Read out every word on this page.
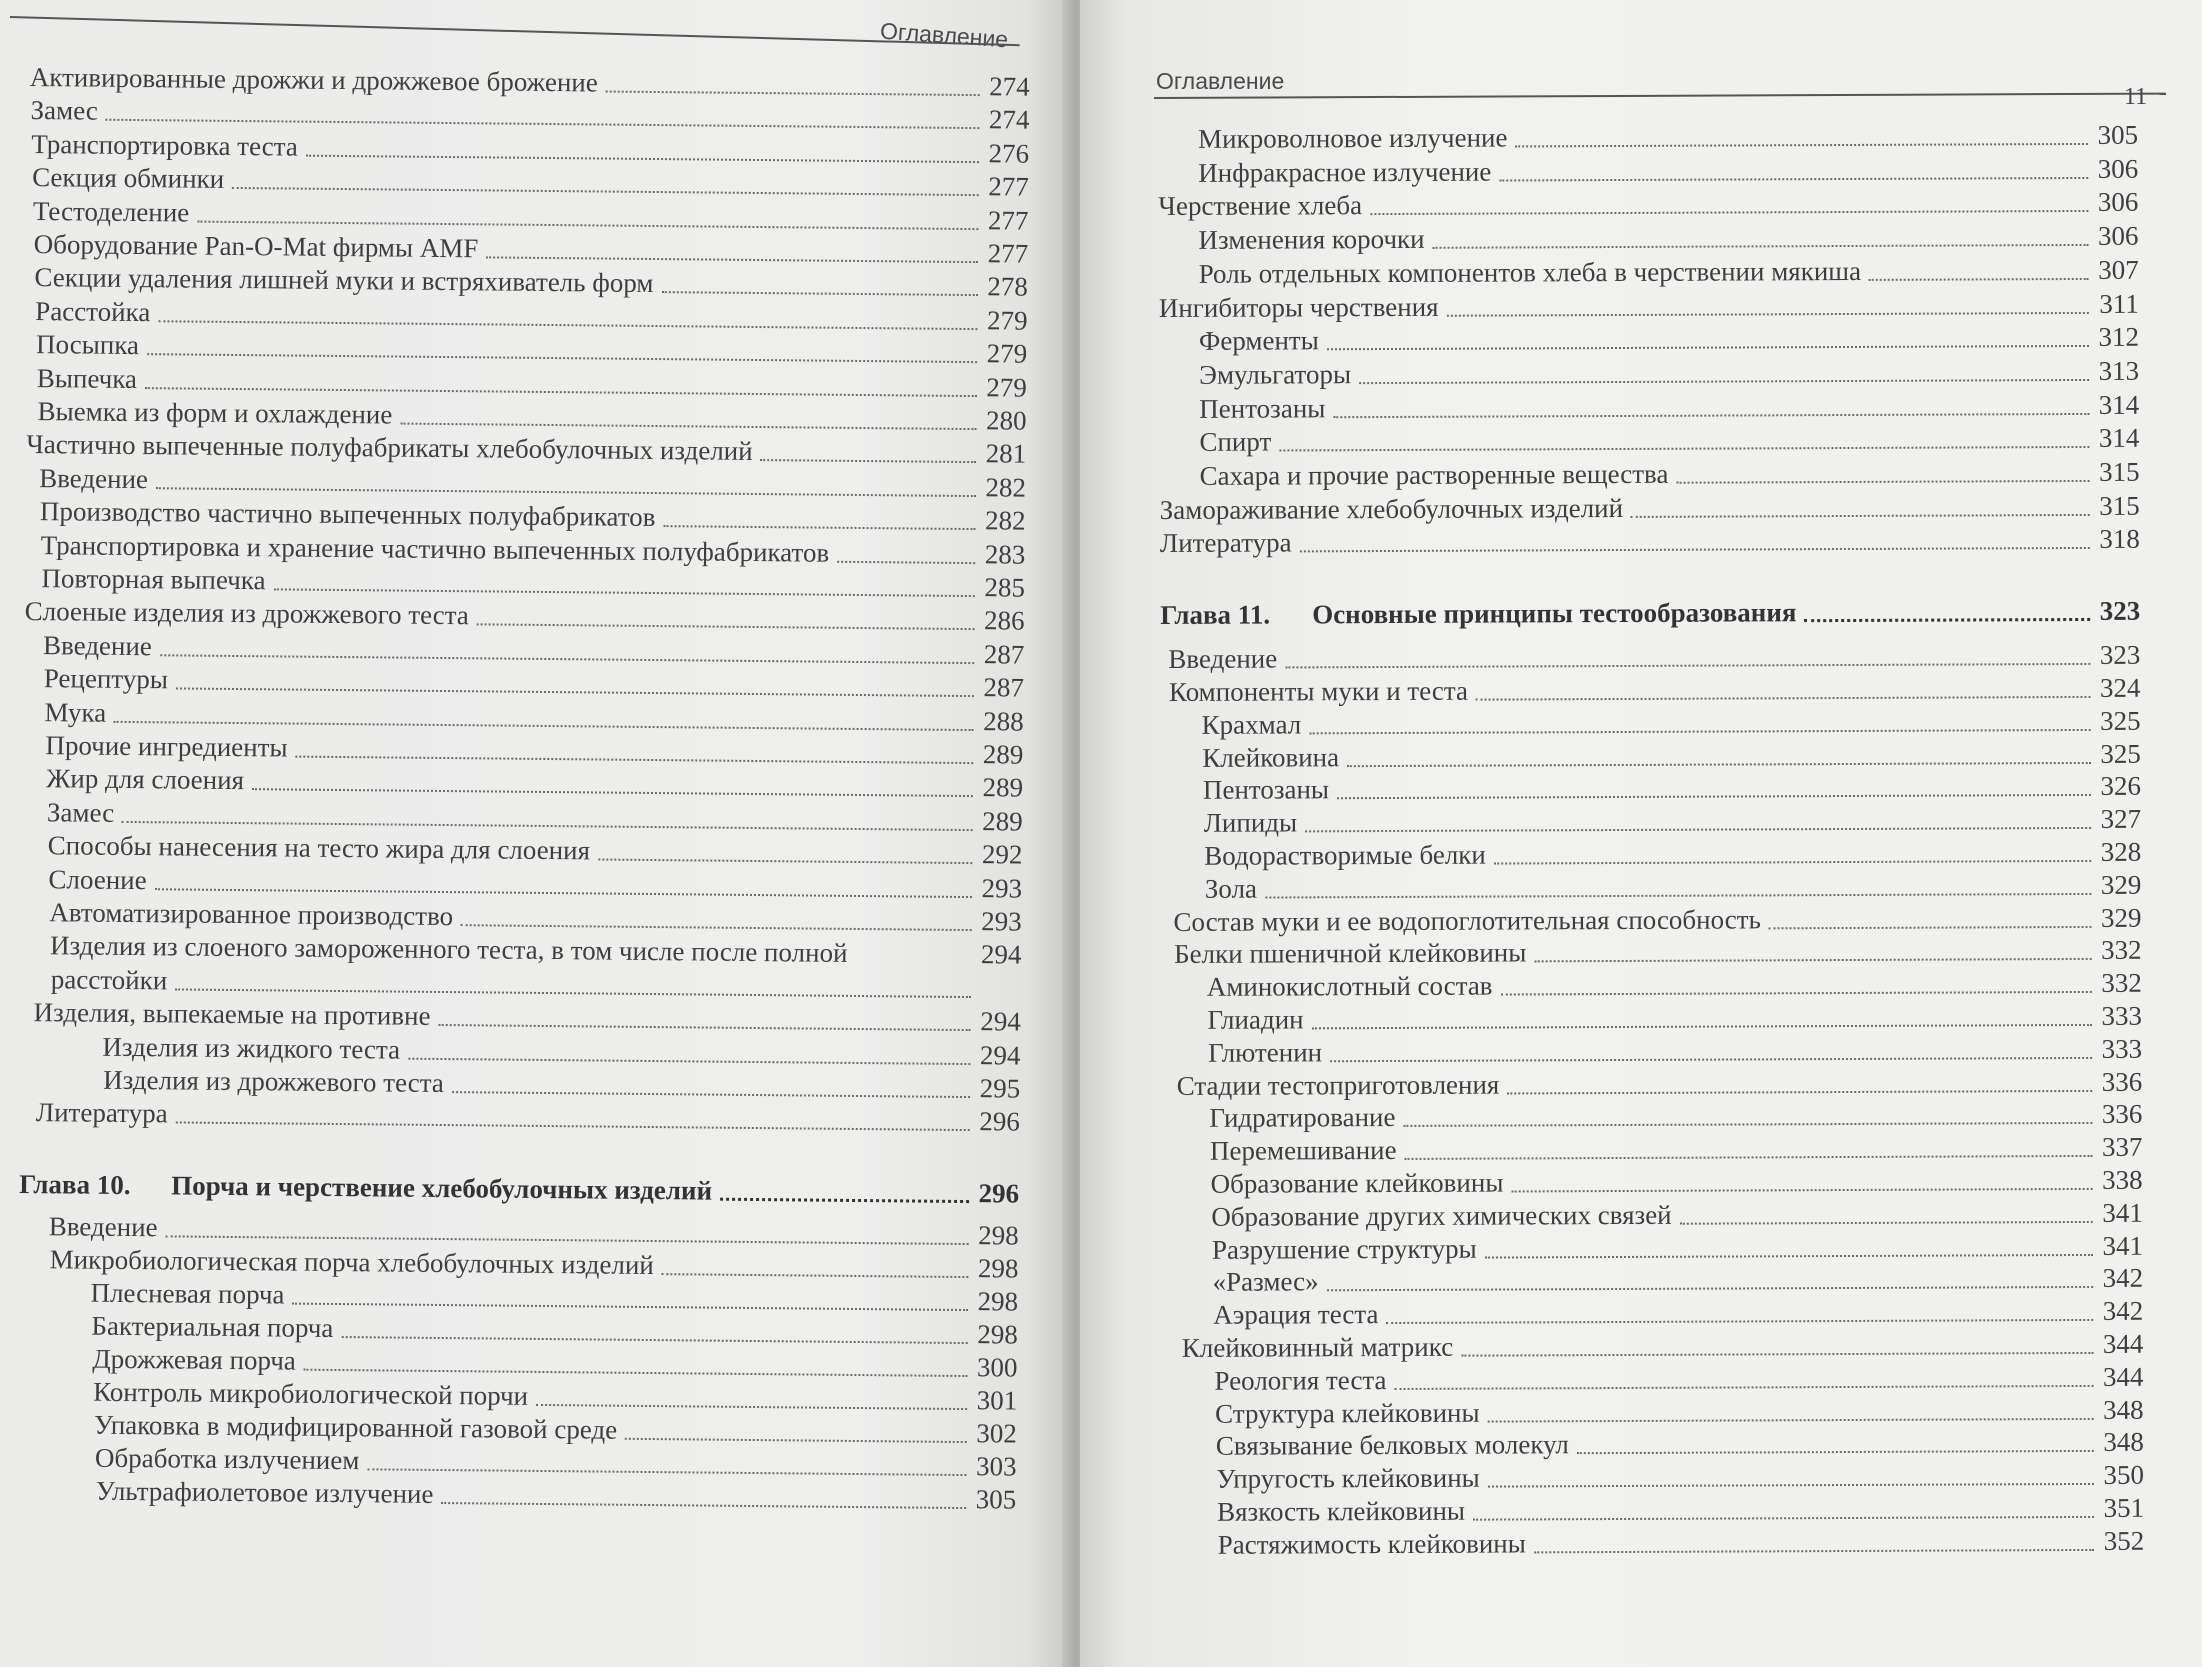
Оглавление
Активированные дрожжи и дрожжевое брожение	274
Замес	274
Транспортировка теста	276
Секция обминки	277
Тестоделение	277
Оборудование Pan-O-Mat фирмы AMF	277
Секции удаления лишней муки и встряхиватель форм	278
Расстойка	279
Посыпка	279
Выпечка	279
Выемка из форм и охлаждение	280
Частично выпеченные полуфабрикаты хлебобулочных изделий	281
Введение	282
Производство частично выпеченных полуфабрикатов	282
Транспортировка и хранение частично выпеченных полуфабрикатов	283
Повторная выпечка	285
Слоеные изделия из дрожжевого теста	286
Введение	287
Рецептуры	287
Мука	288
Прочие ингредиенты	289
Жир для слоения	289
Замес	289
Способы нанесения на тесто жира для слоения	292
Слоение	293
Автоматизированное производство	293
Изделия из слоеного замороженного теста, в том числе после полной	294
расстойки
Изделия, выпекаемые на противне	294
Изделия из жидкого теста	294
Изделия из дрожжевого теста	295
Литература	296
Глава 10. Порча и черствение хлебобулочных изделий	296
Введение	298
Микробиологическая порча хлебобулочных изделий	298
Плесневая порча	298
Бактериальная порча	298
Дрожжевая порча	300
Контроль микробиологической порчи	301
Упаковка в модифицированной газовой среде	302
Обработка излучением	303
Ультрафиолетовое излучение	305
Оглавление
11
Микроволновое излучение	305
Инфракрасное излучение	306
Черствение хлеба	306
Изменения корочки	306
Роль отдельных компонентов хлеба в черствении мякиша	307
Ингибиторы черствения	311
Ферменты	312
Эмульгаторы	313
Пентозаны	314
Спирт	314
Сахара и прочие растворенные вещества	315
Замораживание хлебобулочных изделий	315
Литература	318
Глава 11. Основные принципы тестообразования	323
Введение	323
Компоненты муки и теста	324
Крахмал	325
Клейковина	325
Пентозаны	326
Липиды	327
Водорастворимые белки	328
Зола	329
Состав муки и ее водопоглотительная способность	329
Белки пшеничной клейковины	332
Аминокислотный состав	332
Глиадин	333
Глютенин	333
Стадии тестоприготовления	336
Гидратирование	336
Перемешивание	337
Образование клейковины	338
Образование других химических связей	341
Разрушение структуры	341
«Размес»	342
Аэрация теста	342
Клейковинный матрикс	344
Реология теста	344
Структура клейковины	348
Связывание белковых молекул	348
Упругость клейковины	350
Вязкость клейковины	351
Растяжимость клейковины	352
